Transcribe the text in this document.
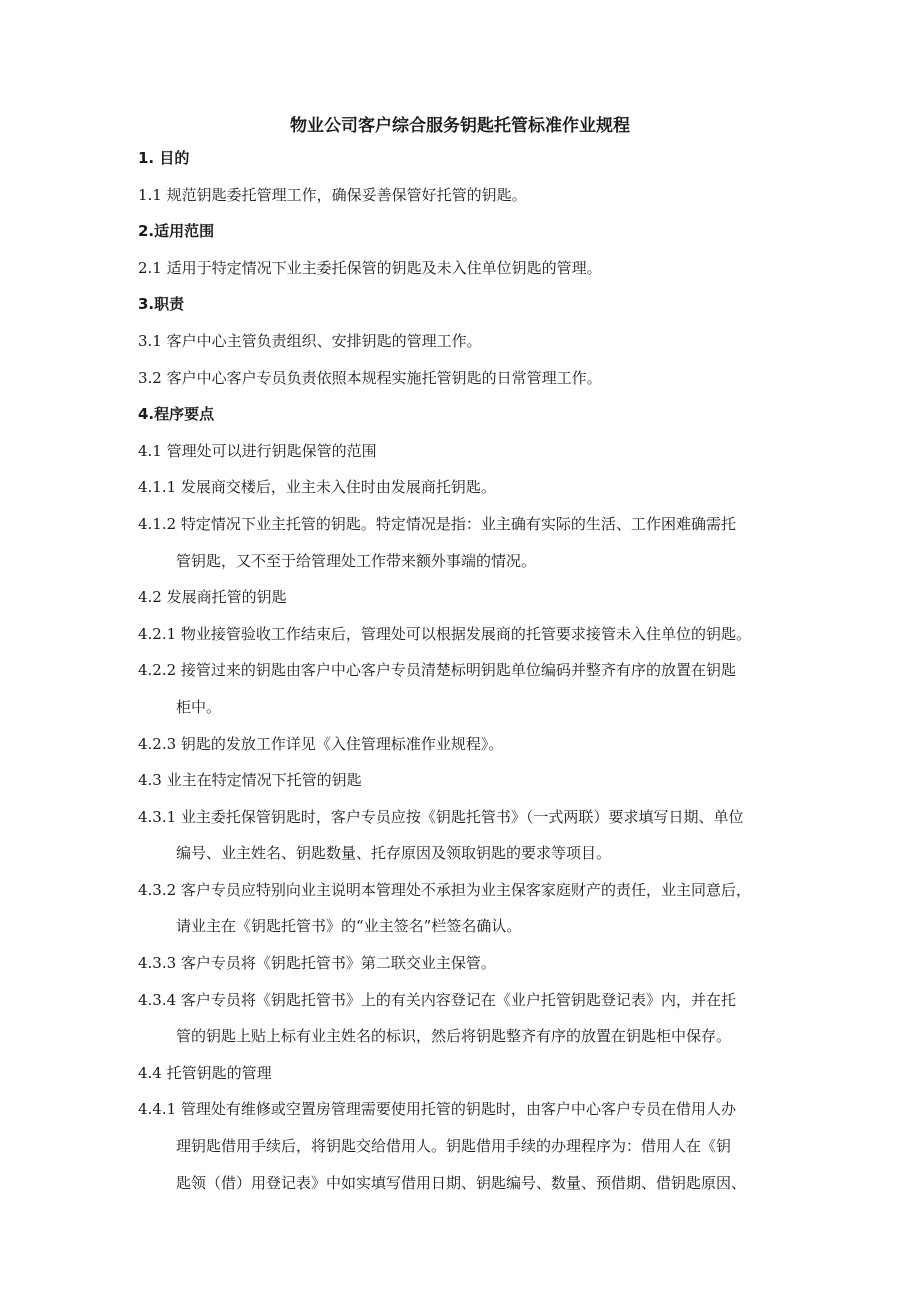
物业公司客户综合服务钥匙托管标准作业规程

1. 目的

1.1 规范钥匙委托管理工作，确保妥善保管好托管的钥匙。

2.适用范围

2.1 适用于特定情况下业主委托保管的钥匙及未入住单位钥匙的管理。

3.职责

3.1 客户中心主管负责组织、安排钥匙的管理工作。

3.2 客户中心客户专员负责依照本规程实施托管钥匙的日常管理工作。

4.程序要点

4.1 管理处可以进行钥匙保管的范围

4.1.1 发展商交楼后，业主未入住时由发展商托钥匙。

4.1.2 特定情况下业主托管的钥匙。特定情况是指：业主确有实际的生活、工作困难确需托

管钥匙，又不至于给管理处工作带来额外事端的情况。

4.2 发展商托管的钥匙

4.2.1 物业接管验收工作结束后，管理处可以根据发展商的托管要求接管未入住单位的钥匙。

4.2.2 接管过来的钥匙由客户中心客户专员清楚标明钥匙单位编码并整齐有序的放置在钥匙

柜中。

4.2.3 钥匙的发放工作详见《入住管理标准作业规程》。

4.3 业主在特定情况下托管的钥匙

4.3.1 业主委托保管钥匙时，客户专员应按《钥匙托管书》（一式两联）要求填写日期、单位

编号、业主姓名、钥匙数量、托存原因及领取钥匙的要求等项目。

4.3.2 客户专员应特别向业主说明本管理处不承担为业主保客家庭财产的责任，业主同意后，

请业主在《钥匙托管书》的“业主签名”栏签名确认。

4.3.3 客户专员将《钥匙托管书》第二联交业主保管。

4.3.4 客户专员将《钥匙托管书》上的有关内容登记在《业户托管钥匙登记表》内，并在托

管的钥匙上贴上标有业主姓名的标识，然后将钥匙整齐有序的放置在钥匙柜中保存。

4.4 托管钥匙的管理

4.4.1 管理处有维修或空置房管理需要使用托管的钥匙时，由客户中心客户专员在借用人办

理钥匙借用手续后，将钥匙交给借用人。钥匙借用手续的办理程序为：借用人在《钥

匙领（借）用登记表》中如实填写借用日期、钥匙编号、数量、预借期、借钥匙原因、
